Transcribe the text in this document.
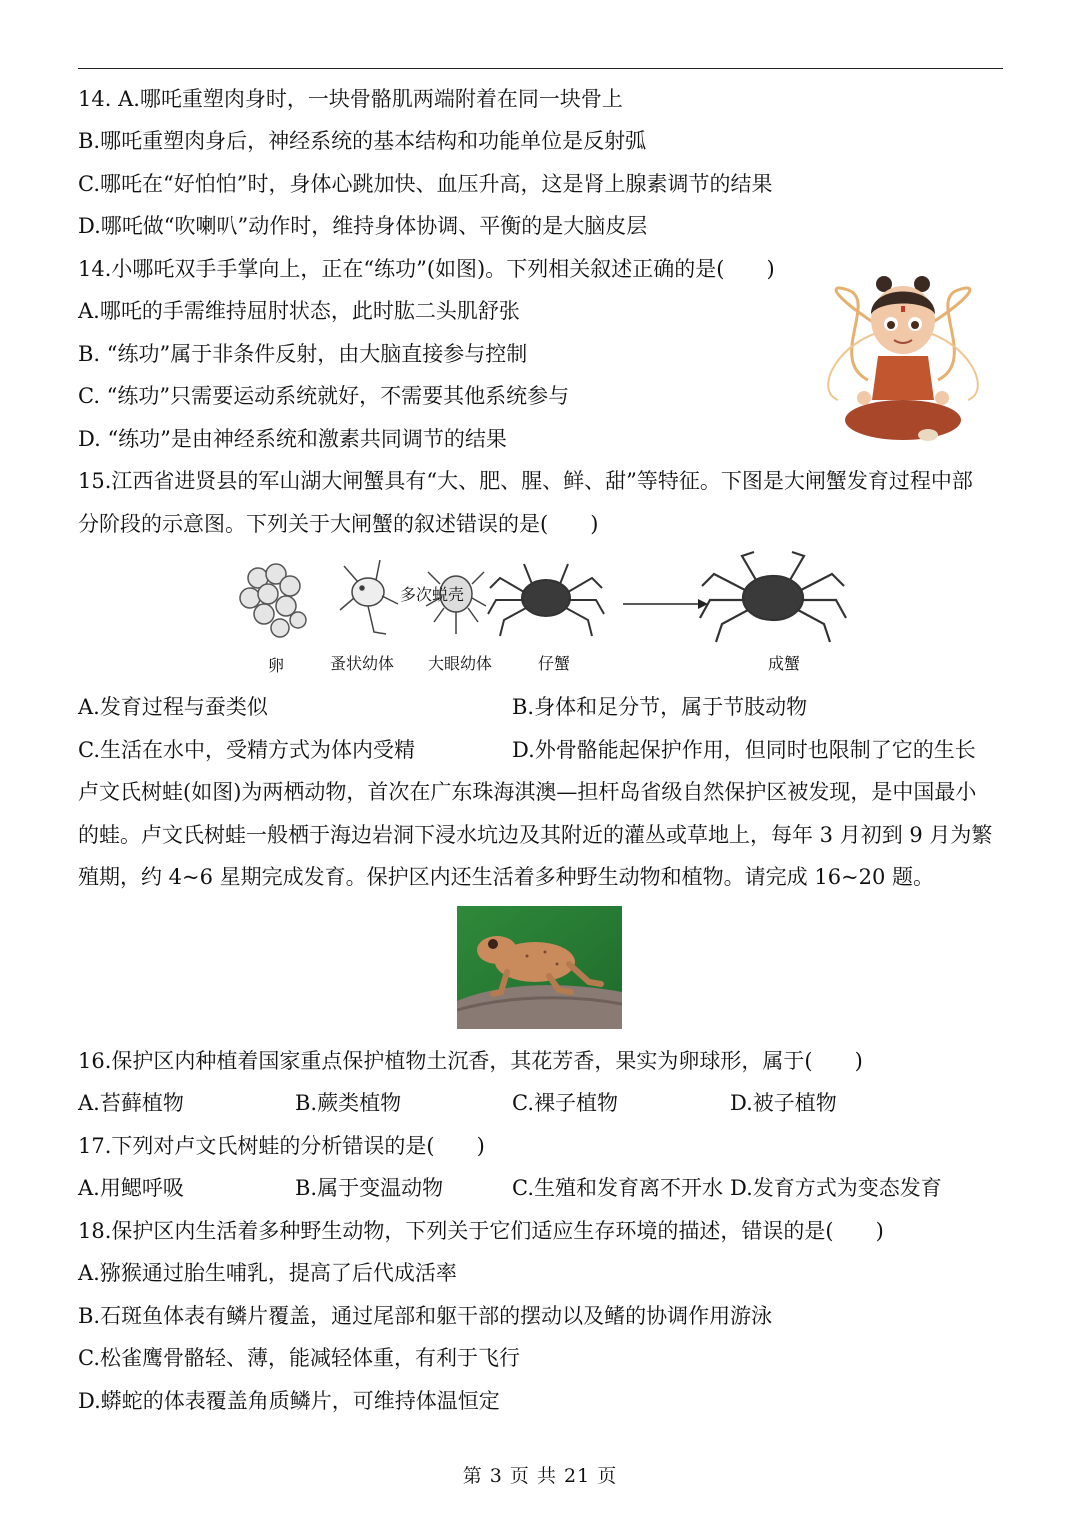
14. A.哪吒重塑肉身时，一块骨骼肌两端附着在同一块骨上
B.哪吒重塑肉身后，神经系统的基本结构和功能单位是反射弧
C.哪吒在“好怕怕”时，身体心跳加快、血压升高，这是肾上腺素调节的结果
D.哪吒做“吹喇叭”动作时，维持身体协调、平衡的是大脑皮层
14.小哪吒双手手掌向上，正在“练功”(如图)。下列相关叙述正确的是(　　)
A.哪吒的手需维持屈肘状态，此时肱二头肌舒张
B. “练功”属于非条件反射，由大脑直接参与控制
C. “练功”只需要运动系统就好，不需要其他系统参与
D. “练功”是由神经系统和激素共同调节的结果
15.江西省进贤县的军山湖大闸蟹具有“大、肥、腥、鲜、甜”等特征。下图是大闸蟹发育过程中部
分阶段的示意图。下列关于大闸蟹的叙述错误的是(　　)
多次蜕壳
卵	蚤状幼体 大眼幼体	仔蟹	成蟹
A.发育过程与蚕类似	B.身体和足分节，属于节肢动物
C.生活在水中，受精方式为体内受精	D.外骨骼能起保护作用，但同时也限制了它的生长
卢文氏树蛙(如图)为两栖动物，首次在广东珠海淇澳—担杆岛省级自然保护区被发现，是中国最小
的蛙。卢文氏树蛙一般栖于海边岩洞下浸水坑边及其附近的灌丛或草地上，每年 3 月初到 9 月为繁
殖期，约 4~6 星期完成发育。保护区内还生活着多种野生动物和植物。请完成 16~20 题。
16.保护区内种植着国家重点保护植物土沉香，其花芳香，果实为卵球形，属于(　　)
A.苔藓植物	B.蕨类植物	C.裸子植物	D.被子植物
17.下列对卢文氏树蛙的分析错误的是(　　)
A.用鳃呼吸	B.属于变温动物	C.生殖和发育离不开水 D.发育方式为变态发育
18.保护区内生活着多种野生动物，下列关于它们适应生存环境的描述，错误的是(　　)
A.猕猴通过胎生哺乳，提高了后代成活率
B.石斑鱼体表有鳞片覆盖，通过尾部和躯干部的摆动以及鳍的协调作用游泳
C.松雀鹰骨骼轻、薄，能减轻体重，有利于飞行
D.蟒蛇的体表覆盖角质鳞片，可维持体温恒定
第 3 页 共 21 页
